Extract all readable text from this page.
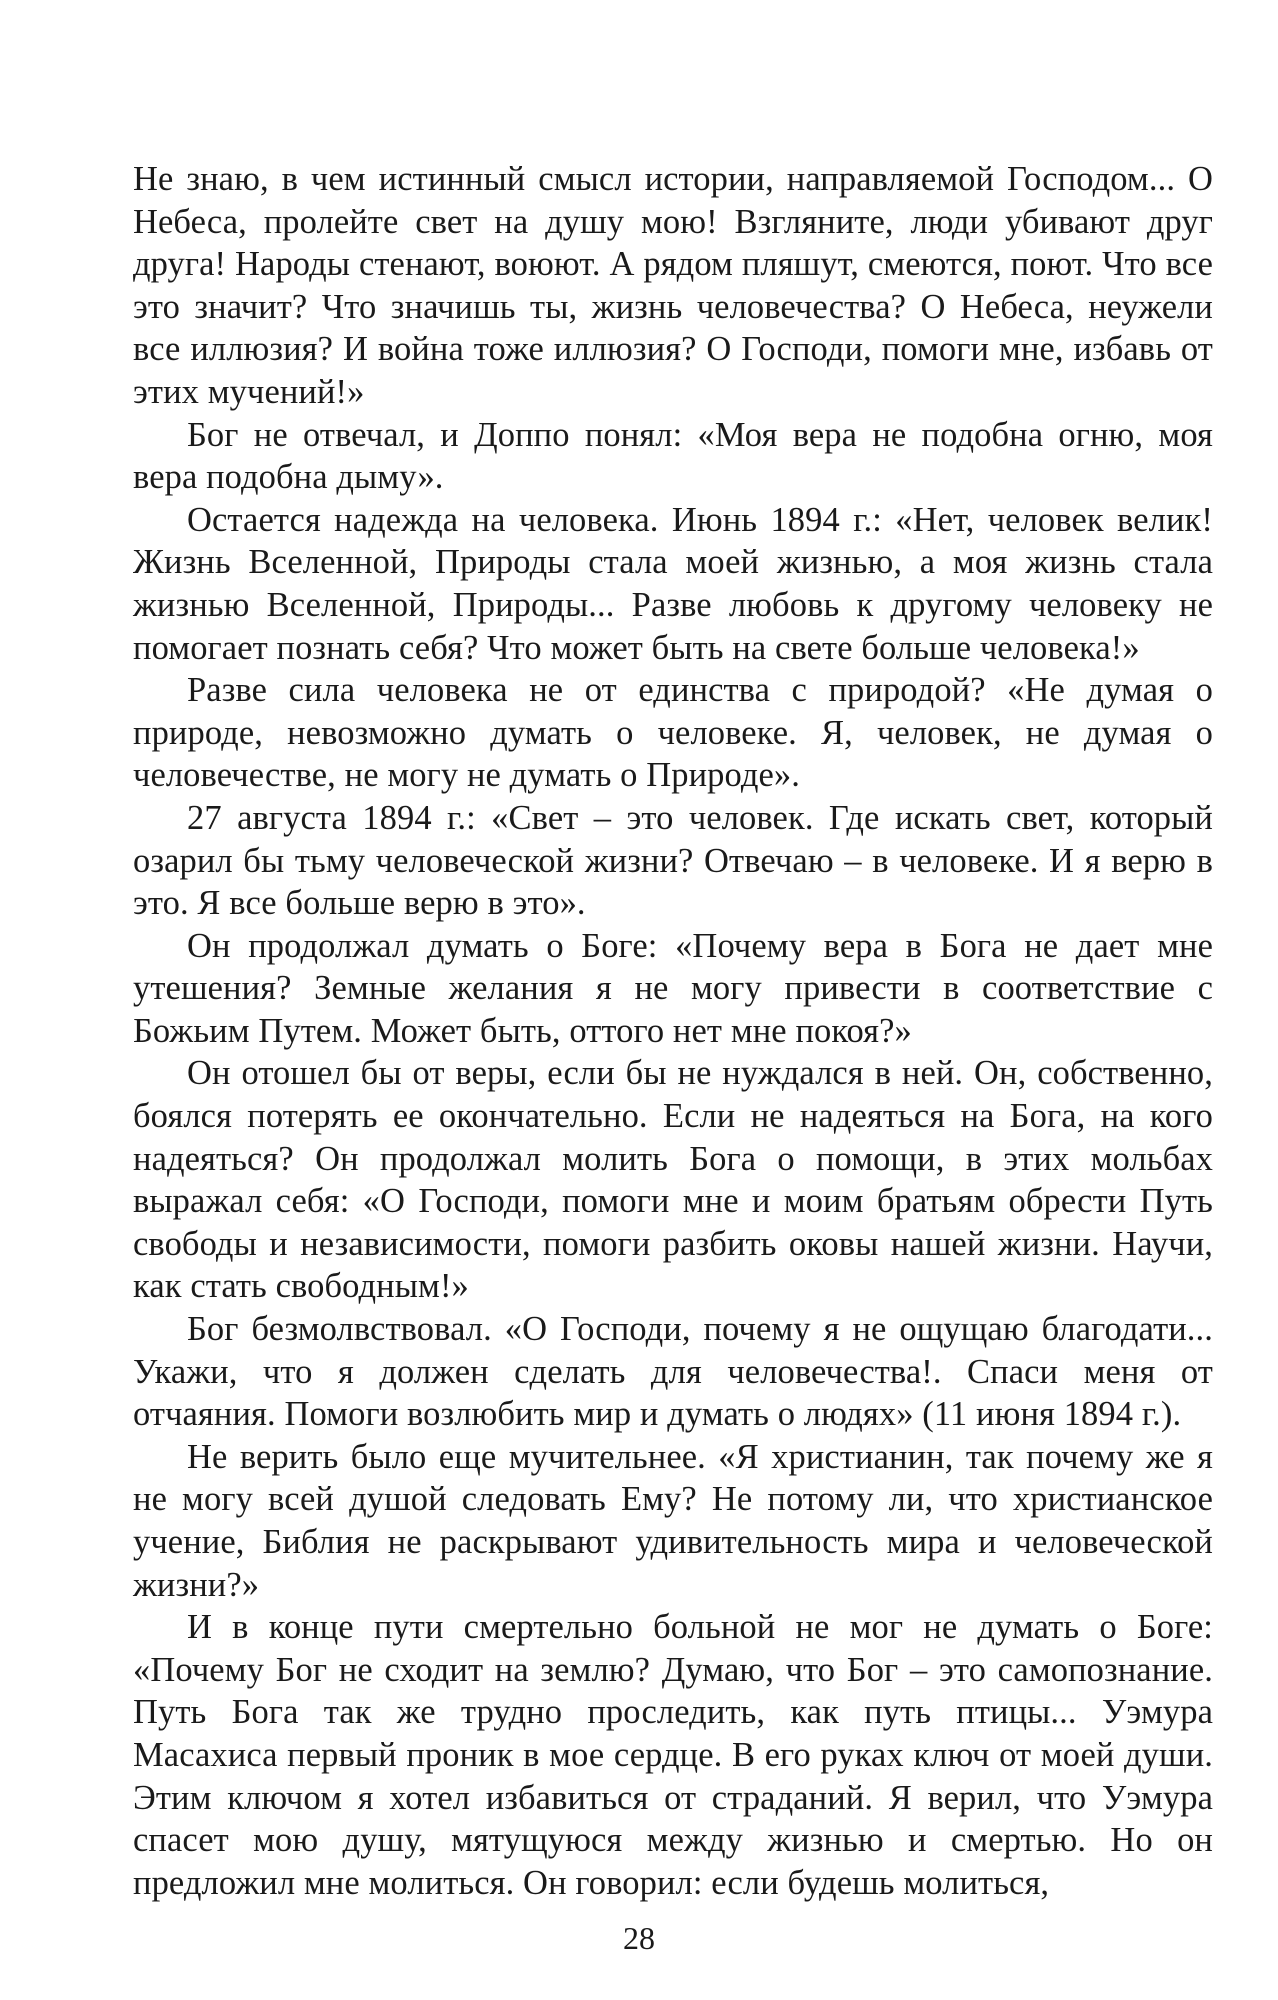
Не знаю, в чем истинный смысл истории, направляемой Господом... О Небеса, пролейте свет на душу мою! Взгляните, люди убивают друг друга! Народы стенают, воюют. А рядом пляшут, смеются, поют. Что все это значит? Что значишь ты, жизнь человечества? О Небеса, неужели все иллюзия? И война тоже иллюзия? О Господи, помоги мне, избавь от этих мучений!»

Бог не отвечал, и Доппо понял: «Моя вера не подобна огню, моя вера подобна дыму».

Остается надежда на человека. Июнь 1894 г.: «Нет, человек велик! Жизнь Вселенной, Природы стала моей жизнью, а моя жизнь стала жизнью Вселенной, Природы... Разве любовь к другому человеку не помогает познать себя? Что может быть на свете больше человека!»

Разве сила человека не от единства с природой? «Не думая о природе, невозможно думать о человеке. Я, человек, не думая о человечестве, не могу не думать о Природе».

27 августа 1894 г.: «Свет – это человек. Где искать свет, который озарил бы тьму человеческой жизни? Отвечаю – в человеке. И я верю в это. Я все больше верю в это».

Он продолжал думать о Боге: «Почему вера в Бога не дает мне утешения? Земные желания я не могу привести в соответствие с Божьим Путем. Может быть, оттого нет мне покоя?»

Он отошел бы от веры, если бы не нуждался в ней. Он, собственно, боялся потерять ее окончательно. Если не надеяться на Бога, на кого надеяться? Он продолжал молить Бога о помощи, в этих мольбах выражал себя: «О Господи, помоги мне и моим братьям обрести Путь свободы и независимости, помоги разбить оковы нашей жизни. Научи, как стать свободным!»

Бог безмолвствовал. «О Господи, почему я не ощущаю благодати... Укажи, что я должен сделать для человечества!. Спаси меня от отчаяния. Помоги возлюбить мир и думать о людях» (11 июня 1894 г.).

Не верить было еще мучительнее. «Я христианин, так почему же я не могу всей душой следовать Ему? Не потому ли, что христианское учение, Библия не раскрывают удивительность мира и человеческой жизни?»

И в конце пути смертельно больной не мог не думать о Боге: «Почему Бог не сходит на землю? Думаю, что Бог – это самопознание. Путь Бога так же трудно проследить, как путь птицы... Уэмура Масахиса первый проник в мое сердце. В его руках ключ от моей души. Этим ключом я хотел избавиться от страданий. Я верил, что Уэмура спасет мою душу, мятущуюся между жизнью и смертью. Но он предложил мне молиться. Он говорил: если будешь молиться,

28
